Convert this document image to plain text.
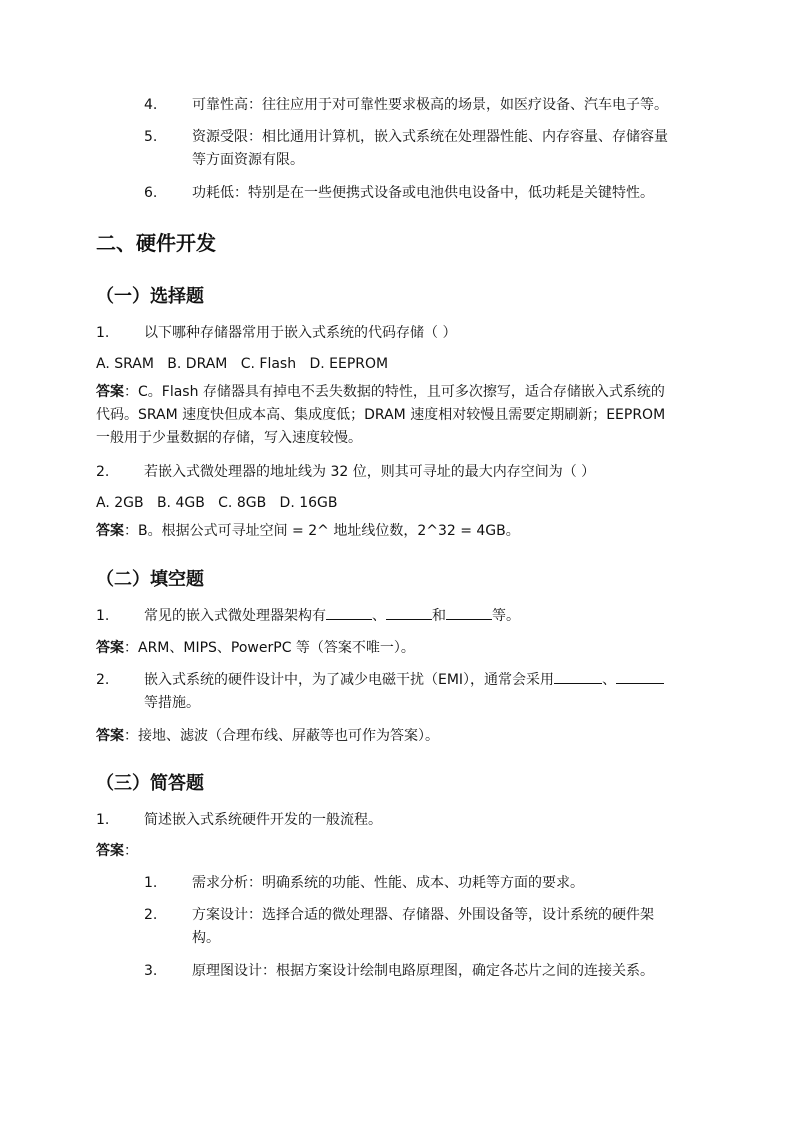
4.	可靠性高：往往应用于对可靠性要求极高的场景，如医疗设备、汽车电子等。
5.	资源受限：相比通用计算机，嵌入式系统在处理器性能、内存容量、存储容量
等方面资源有限。
6.	功耗低：特别是在一些便携式设备或电池供电设备中，低功耗是关键特性。
二、硬件开发
（一）选择题
1. 以下哪种存储器常用于嵌入式系统的代码存储（ ）
A. SRAM   B. DRAM   C. Flash   D. EEPROM
答案：C。Flash 存储器具有掉电不丢失数据的特性，且可多次擦写，适合存储嵌入式系统的
代码。SRAM 速度快但成本高、集成度低；DRAM 速度相对较慢且需要定期刷新；EEPROM
一般用于少量数据的存储，写入速度较慢。
2. 若嵌入式微处理器的地址线为 32 位，则其可寻址的最大内存空间为（ ）
A. 2GB   B. 4GB   C. 8GB   D. 16GB
答案：B。根据公式可寻址空间 = 2^ 地址线位数，2^32 = 4GB。
（二）填空题
1. 常见的嵌入式微处理器架构有	、	和	等。
答案：ARM、MIPS、PowerPC 等（答案不唯一）。
2. 嵌入式系统的硬件设计中，为了减少电磁干扰（EMI），通常会采用	、
等措施。
答案：接地、滤波（合理布线、屏蔽等也可作为答案）。
（三）简答题
1. 简述嵌入式系统硬件开发的一般流程。
答案：
1.	需求分析：明确系统的功能、性能、成本、功耗等方面的要求。
2.	方案设计：选择合适的微处理器、存储器、外围设备等，设计系统的硬件架
构。
3.	原理图设计：根据方案设计绘制电路原理图，确定各芯片之间的连接关系。
